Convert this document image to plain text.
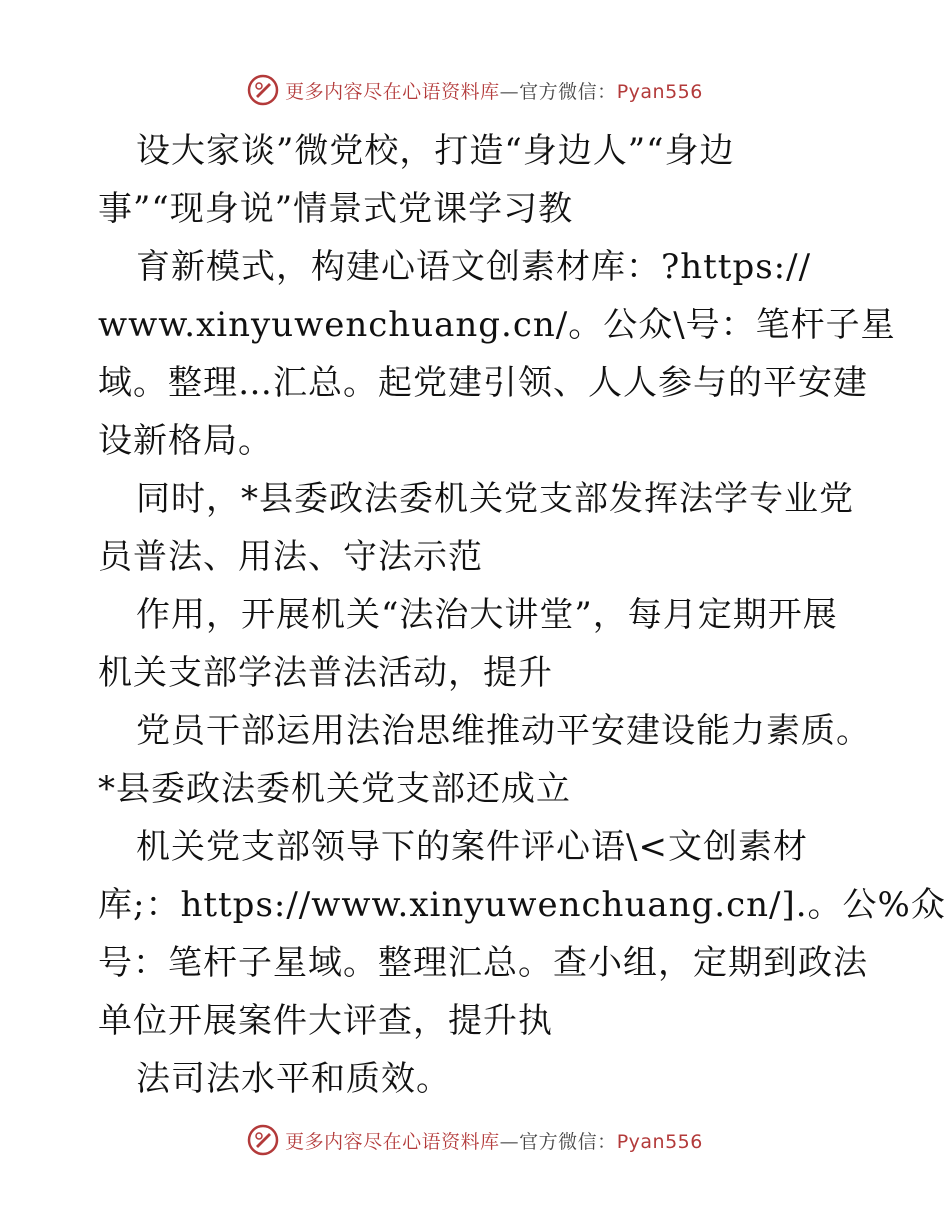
更多内容尽在心语资料库—官方微信：Pyan556
设大家谈”微党校，打造“身边人”“身边
事”“现身说”情景式党课学习教
育新模式，构建心语文创素材库：?https://
www.xinyuwenchuang.cn/。公众\号：笔杆子星
域。整理…汇总。起党建引领、人人参与的平安建
设新格局。
同时，*县委政法委机关党支部发挥法学专业党
员普法、用法、守法示范
作用，开展机关“法治大讲堂”，每月定期开展
机关支部学法普法活动，提升
党员干部运用法治思维推动平安建设能力素质。
*县委政法委机关党支部还成立
机关党支部领导下的案件评心语\<文创素材
库;：https://www.xinyuwenchuang.cn/].。公%众
号：笔杆子星域。整理汇总。查小组，定期到政法
单位开展案件大评查，提升执
法司法水平和质效。
更多内容尽在心语资料库—官方微信：Pyan556
